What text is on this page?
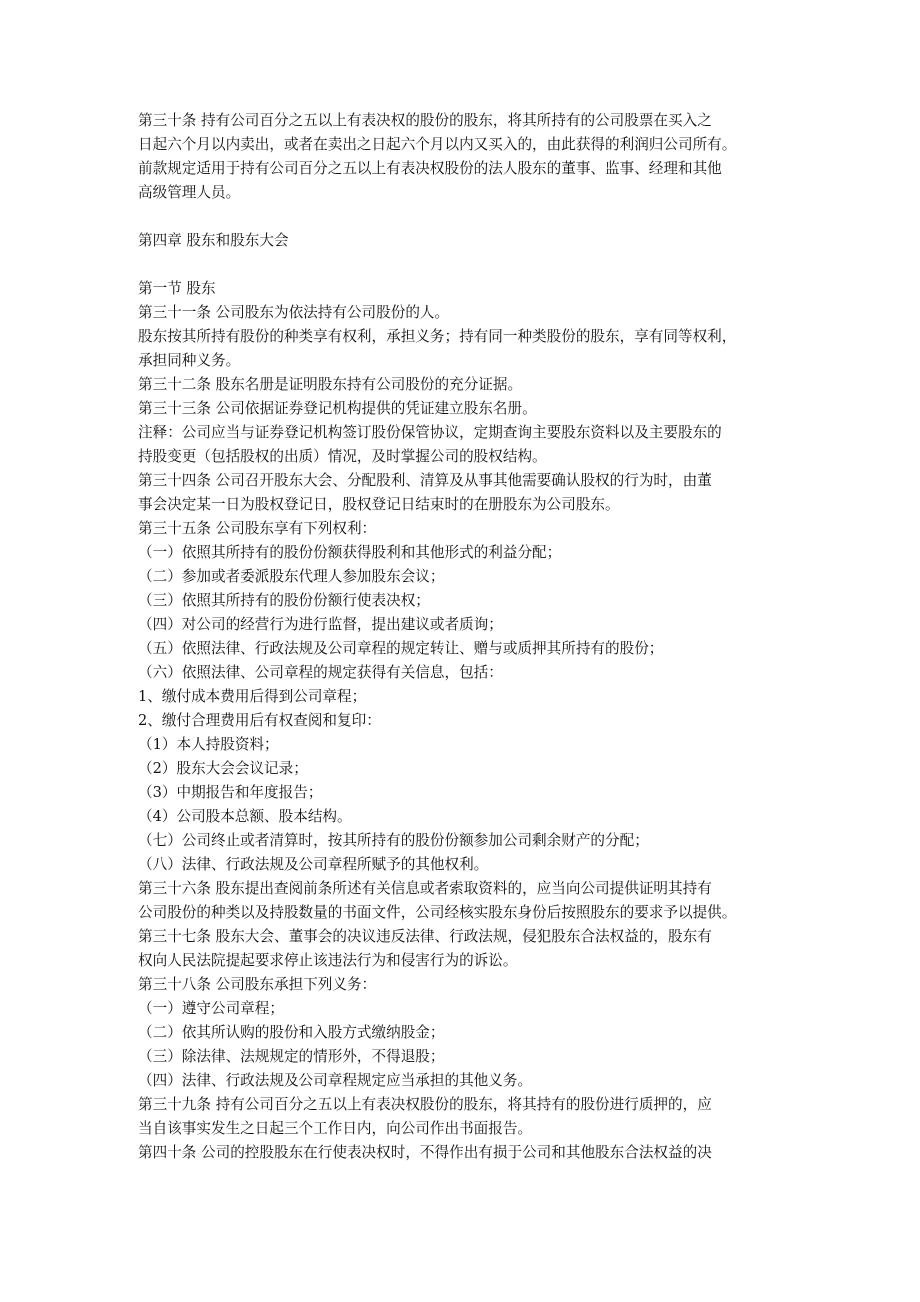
第三十条 持有公司百分之五以上有表决权的股份的股东，将其所持有的公司股票在买入之
日起六个月以内卖出，或者在卖出之日起六个月以内又买入的，由此获得的利润归公司所有。
前款规定适用于持有公司百分之五以上有表决权股份的法人股东的董事、监事、经理和其他
高级管理人员。
第四章 股东和股东大会
第一节 股东
第三十一条 公司股东为依法持有公司股份的人。
股东按其所持有股份的种类享有权利，承担义务；持有同一种类股份的股东，享有同等权利，
承担同种义务。
第三十二条 股东名册是证明股东持有公司股份的充分证据。
第三十三条 公司依据证券登记机构提供的凭证建立股东名册。
注释：公司应当与证券登记机构签订股份保管协议，定期查询主要股东资料以及主要股东的
持股变更（包括股权的出质）情况，及时掌握公司的股权结构。
第三十四条 公司召开股东大会、分配股利、清算及从事其他需要确认股权的行为时，由董
事会决定某一日为股权登记日，股权登记日结束时的在册股东为公司股东。
第三十五条 公司股东享有下列权利：
（一）依照其所持有的股份份额获得股利和其他形式的利益分配；
（二）参加或者委派股东代理人参加股东会议；
（三）依照其所持有的股份份额行使表决权；
（四）对公司的经营行为进行监督，提出建议或者质询；
（五）依照法律、行政法规及公司章程的规定转让、赠与或质押其所持有的股份；
（六）依照法律、公司章程的规定获得有关信息，包括：
1、缴付成本费用后得到公司章程；
2、缴付合理费用后有权查阅和复印：
（1）本人持股资料；
（2）股东大会会议记录；
（3）中期报告和年度报告；
（4）公司股本总额、股本结构。
（七）公司终止或者清算时，按其所持有的股份份额参加公司剩余财产的分配；
（八）法律、行政法规及公司章程所赋予的其他权利。
第三十六条 股东提出查阅前条所述有关信息或者索取资料的，应当向公司提供证明其持有
公司股份的种类以及持股数量的书面文件，公司经核实股东身份后按照股东的要求予以提供。
第三十七条 股东大会、董事会的决议违反法律、行政法规，侵犯股东合法权益的，股东有
权向人民法院提起要求停止该违法行为和侵害行为的诉讼。
第三十八条 公司股东承担下列义务：
（一）遵守公司章程；
（二）依其所认购的股份和入股方式缴纳股金；
（三）除法律、法规规定的情形外，不得退股；
（四）法律、行政法规及公司章程规定应当承担的其他义务。
第三十九条 持有公司百分之五以上有表决权股份的股东，将其持有的股份进行质押的，应
当自该事实发生之日起三个工作日内，向公司作出书面报告。
第四十条 公司的控股股东在行使表决权时，不得作出有损于公司和其他股东合法权益的决
